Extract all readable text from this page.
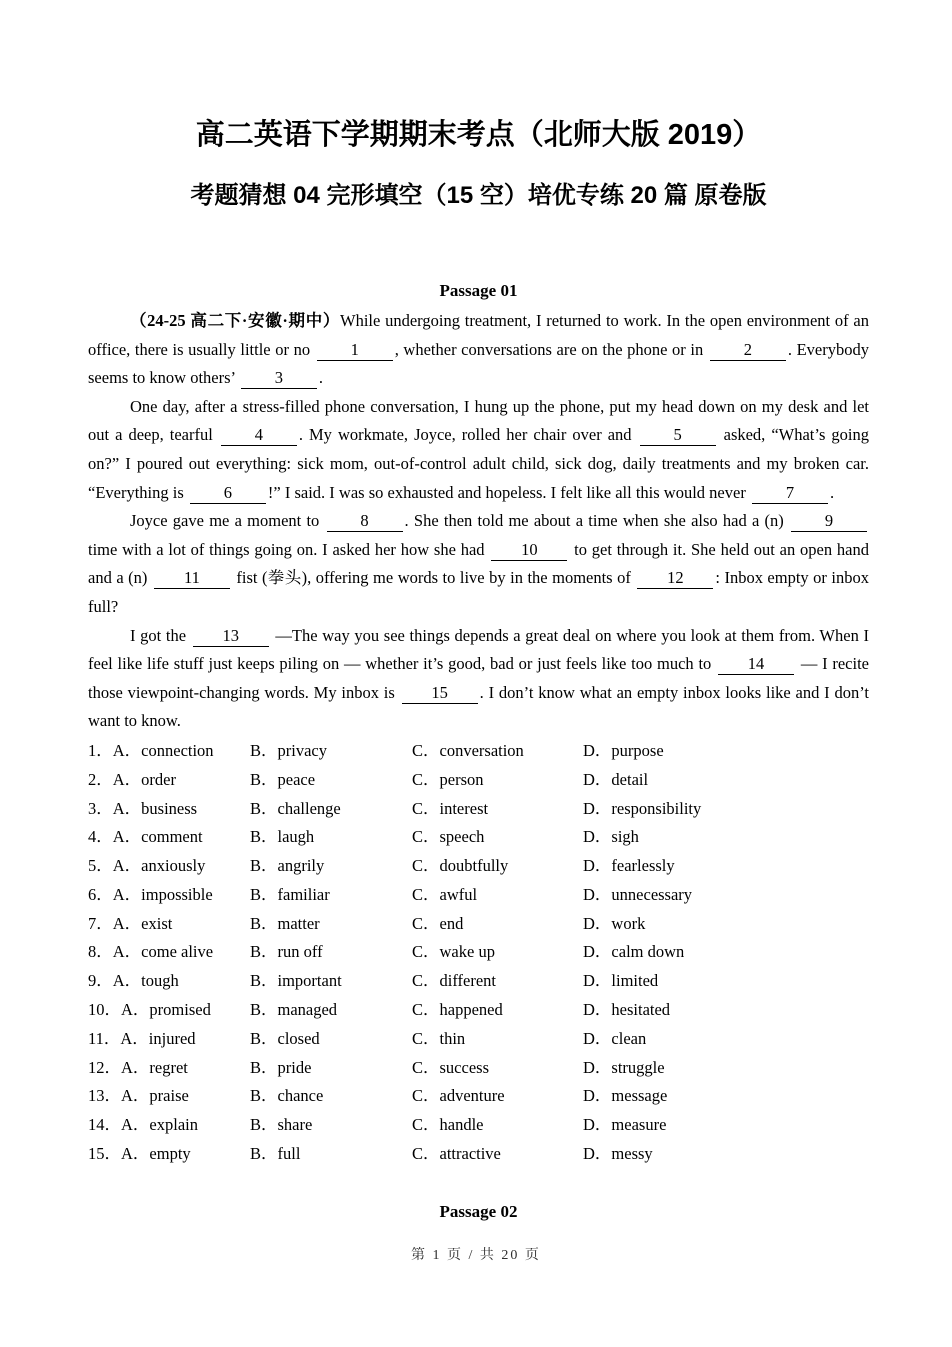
高二英语下学期期末考点（北师大版 2019）
考题猜想 04 完形填空（15 空）培优专练 20 篇 原卷版

Passage 01

（24-25 高二下·安徽·期中）While undergoing treatment, I returned to work. In the open environment of an office, there is usually little or no 1 , whether conversations are on the phone or in 2 . Everybody seems to know others’ 3 .

One day, after a stress-filled phone conversation, I hung up the phone, put my head down on my desk and let out a deep, tearful 4 . My workmate, Joyce, rolled her chair over and 5 asked, “What’s going on?” I poured out everything: sick mom, out-of-control adult child, sick dog, daily treatments and my broken car. “Everything is 6 !” I said. I was so exhausted and hopeless. I felt like all this would never 7 .

Joyce gave me a moment to 8 . She then told me about a time when she also had a (n) 9 time with a lot of things going on. I asked her how she had 10 to get through it. She held out an open hand and a (n) 11 fist (拳头), offering me words to live by in the moments of 12 : Inbox empty or inbox full?

I got the 13 —The way you see things depends a great deal on where you look at them from. When I feel like life stuff just keeps piling on — whether it’s good, bad or just feels like too much to 14 — I recite those viewpoint-changing words. My inbox is 15 . I don’t know what an empty inbox looks like and I don’t want to know.

1．A．connection	B．privacy	C．conversation	D．purpose
2．A．order	B．peace	C．person	D．detail
3．A．business	B．challenge	C．interest	D．responsibility
4．A．comment	B．laugh	C．speech	D．sigh
5．A．anxiously	B．angrily	C．doubtfully	D．fearlessly
6．A．impossible	B．familiar	C．awful	D．unnecessary
7．A．exist	B．matter	C．end	D．work
8．A．come alive	B．run off	C．wake up	D．calm down
9．A．tough	B．important	C．different	D．limited
10．A．promised	B．managed	C．happened	D．hesitated
11．A．injured	B．closed	C．thin	D．clean
12．A．regret	B．pride	C．success	D．struggle
13．A．praise	B．chance	C．adventure	D．message
14．A．explain	B．share	C．handle	D．measure
15．A．empty	B．full	C．attractive	D．messy

Passage 02

第 1 页 / 共 20 页
